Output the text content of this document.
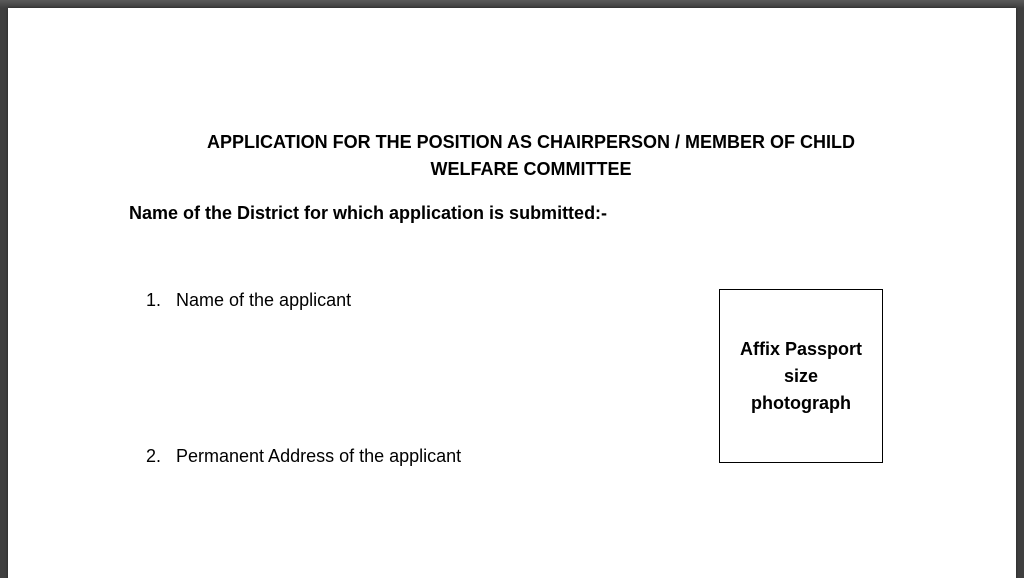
APPLICATION FOR THE POSITION AS CHAIRPERSON / MEMBER OF CHILD
WELFARE COMMITTEE

Name of the District for which application is submitted:-

1. Name of the applicant
2. Permanent Address of the applicant
Affix Passport
size
photograph
